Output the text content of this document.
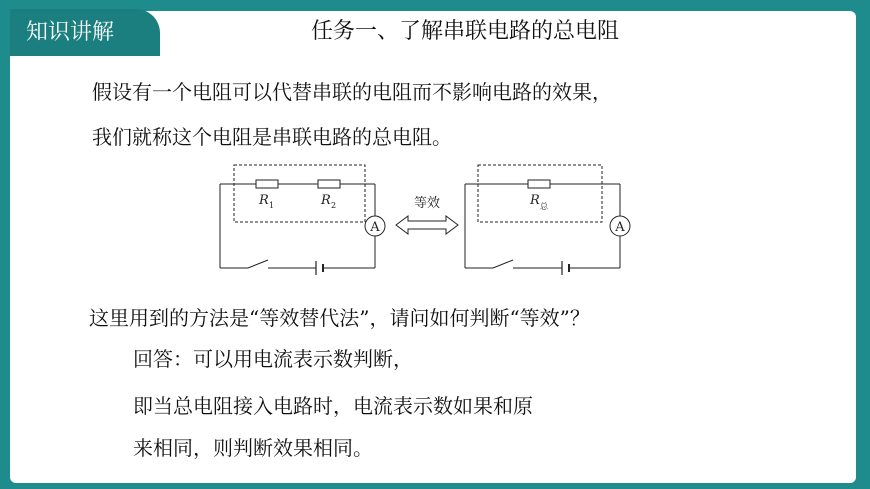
知识讲解	任务一、了解串联电路的总电阻
假设有一个电阻可以代替串联的电阻而不影响电路的效果，
我们就称这个电阻是串联电路的总电阻。
A
R 1	R 2	等效
A
R 总
这里用到的方法是“等效替代法”，请问如何判断“等效”？
回答：可以用电流表示数判断，
即当总电阻接入电路时，电流表示数如果和原
来相同，则判断效果相同。
